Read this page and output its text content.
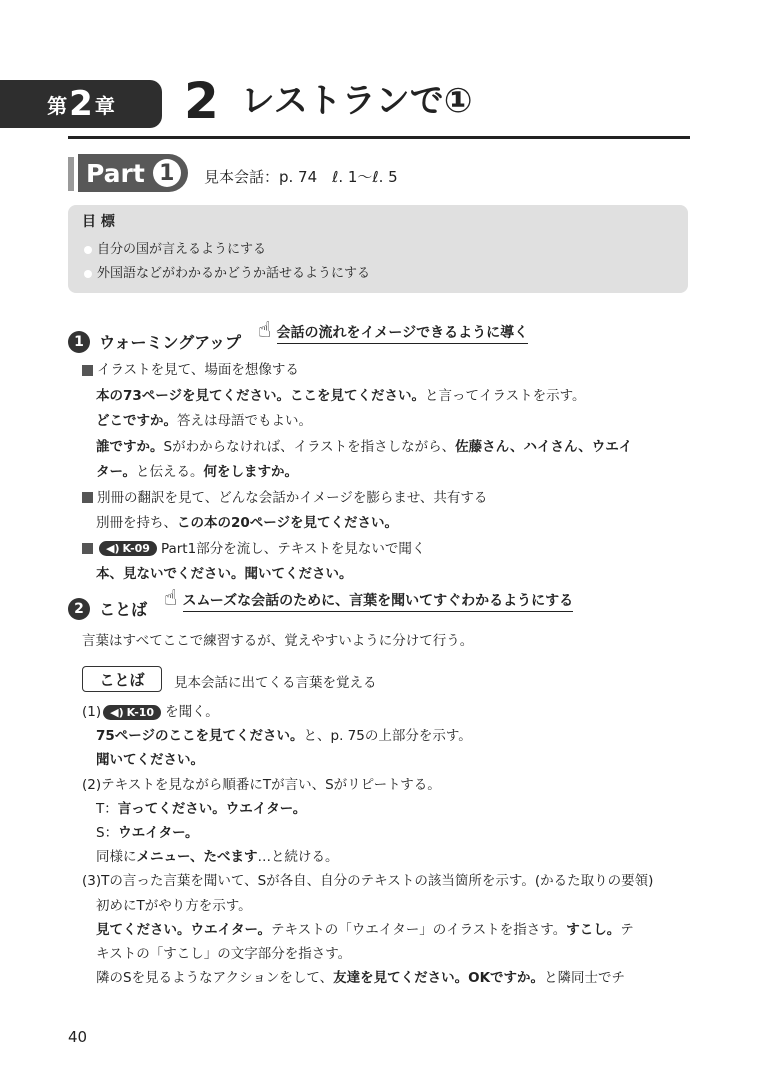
第 2 章 2 レストランで①
Part 1	見本会話：p. 74　ℓ. 1〜ℓ. 5
目 標
自分の国が言えるようにする
外国語などがわかるかどうか話せるようにする
1 ウォーミングアップ ☝ 会話の流れをイメージできるように導く
イラストを見て、場面を想像する
本の73ページを見てください。ここを見てください。と言ってイラストを示す。
どこですか。答えは母語でもよい。
誰ですか。Sがわからなければ、イラストを指さしながら、佐藤さん、ハイさん、ウエイ
ター。と伝える。何をしますか。
別冊の翻訳を見て、どんな会話かイメージを膨らませ、共有する
別冊を持ち、この本の20ページを見てください。
◀) K-09 Part1部分を流し、テキストを見ないで聞く
本、見ないでください。聞いてください。
2 ことば ☝ スムーズな会話のために、言葉を聞いてすぐわかるようにする
言葉はすべてここで練習するが、覚えやすいように分けて行う。
ことば	見本会話に出てくる言葉を覚える
(1) ◀) K-10 を聞く。
75ページのここを見てください。と、p. 75の上部分を示す。
聞いてください。
(2)テキストを見ながら順番にTが言い、Sがリピートする。
T：言ってください。ウエイター。
S：ウエイター。
同様にメニュー、たべます…と続ける。
(3)Tの言った言葉を聞いて、Sが各自、自分のテキストの該当箇所を示す。(かるた取りの要領)
初めにTがやり方を示す。
見てください。ウエイター。テキストの「ウエイター」のイラストを指さす。すこし。テ
キストの「すこし」の文字部分を指さす。
隣のSを見るようなアクションをして、友達を見てください。OKですか。と隣同士でチ
40
